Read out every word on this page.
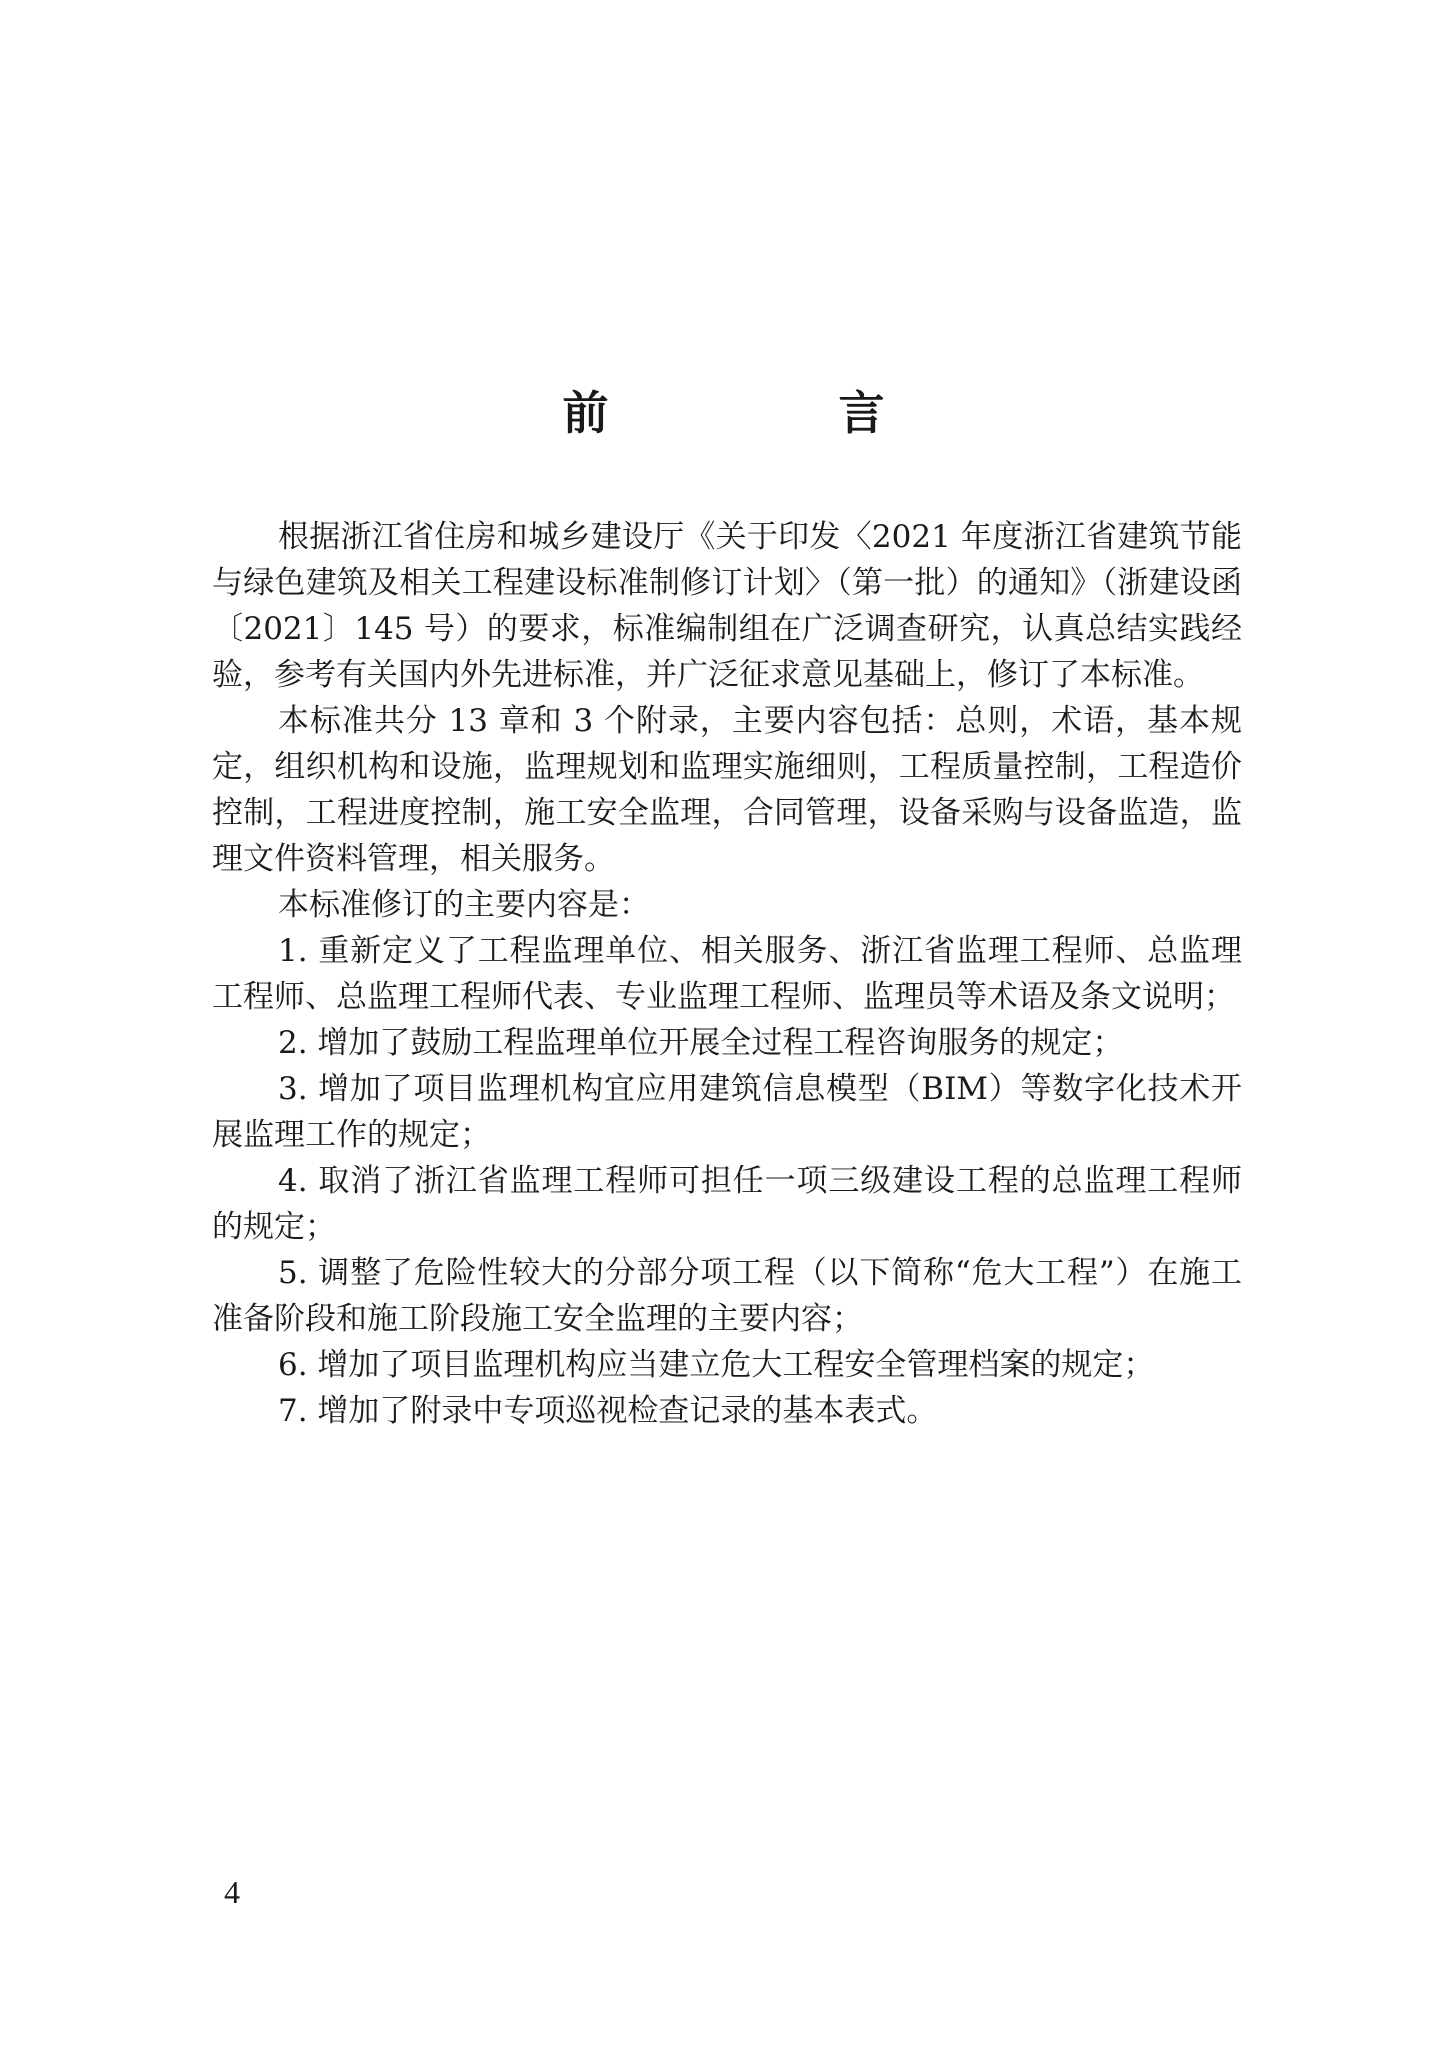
前　言

根据浙江省住房和城乡建设厅《关于印发〈2021 年度浙江省建筑节能与绿色建筑及相关工程建设标准制修订计划〉（第一批）的通知》（浙建设函〔2021〕145 号）的要求，标准编制组在广泛调查研究，认真总结实践经验，参考有关国内外先进标准，并广泛征求意见基础上，修订了本标准。

本标准共分 13 章和 3 个附录，主要内容包括：总则，术语，基本规定，组织机构和设施，监理规划和监理实施细则，工程质量控制，工程造价控制，工程进度控制，施工安全监理，合同管理，设备采购与设备监造，监理文件资料管理，相关服务。

本标准修订的主要内容是：

1. 重新定义了工程监理单位、相关服务、浙江省监理工程师、总监理工程师、总监理工程师代表、专业监理工程师、监理员等术语及条文说明；

2. 增加了鼓励工程监理单位开展全过程工程咨询服务的规定；

3. 增加了项目监理机构宜应用建筑信息模型（BIM）等数字化技术开展监理工作的规定；

4. 取消了浙江省监理工程师可担任一项三级建设工程的总监理工程师的规定；

5. 调整了危险性较大的分部分项工程（以下简称“危大工程”）在施工准备阶段和施工阶段施工安全监理的主要内容；

6. 增加了项目监理机构应当建立危大工程安全管理档案的规定；

7. 增加了附录中专项巡视检查记录的基本表式。

4
